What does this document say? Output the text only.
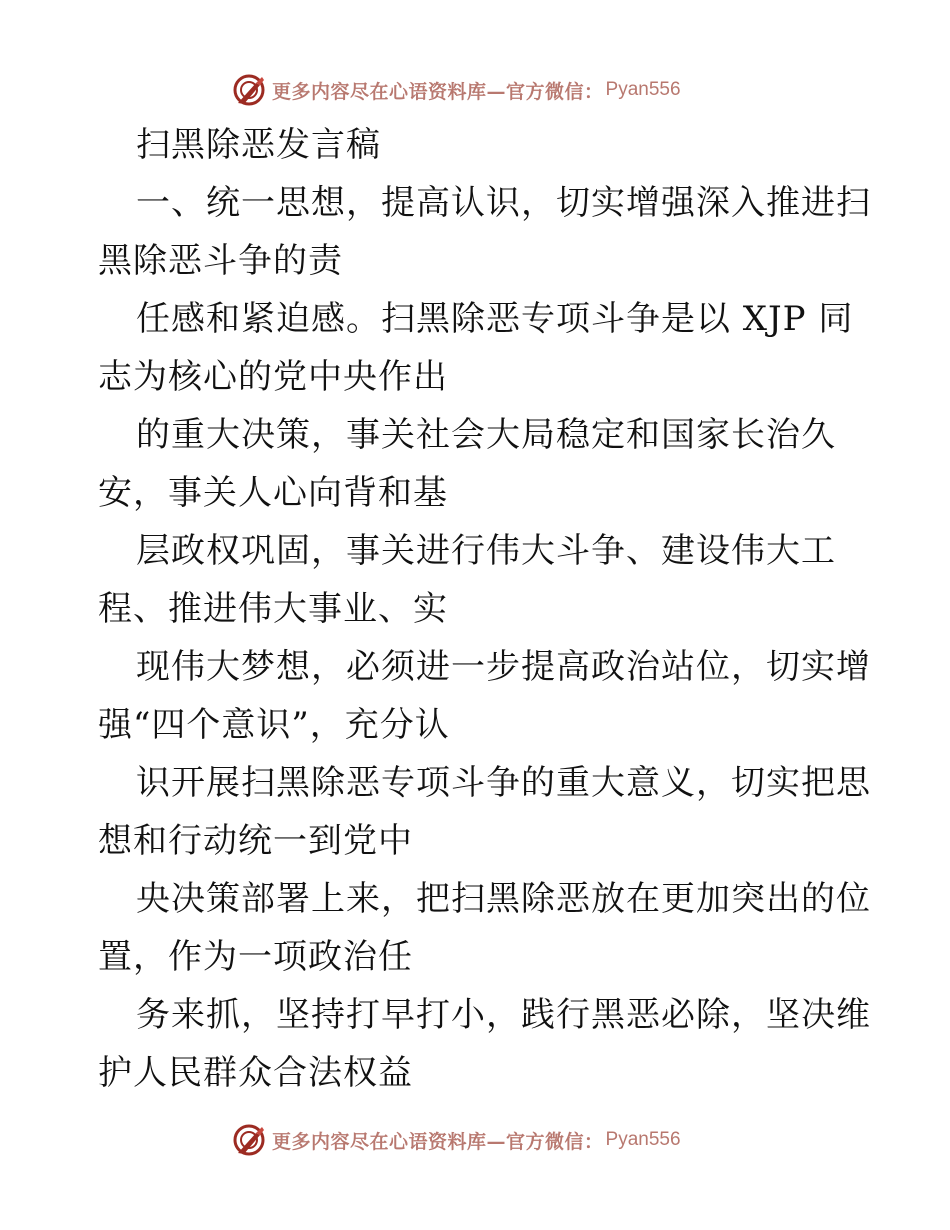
更多内容尽在心语资料库—官方微信： Pyan556
扫黑除恶发言稿
一、统一思想，提高认识，切实增强深入推进扫
黑除恶斗争的责
任感和紧迫感。扫黑除恶专项斗争是以 XJP 同
志为核心的党中央作出
的重大决策，事关社会大局稳定和国家长治久
安，事关人心向背和基
层政权巩固，事关进行伟大斗争、建设伟大工
程、推进伟大事业、实
现伟大梦想，必须进一步提高政治站位，切实增
强“四个意识”，充分认
识开展扫黑除恶专项斗争的重大意义，切实把思
想和行动统一到党中
央决策部署上来，把扫黑除恶放在更加突出的位
置，作为一项政治任
务来抓，坚持打早打小，践行黑恶必除，坚决维
护人民群众合法权益
更多内容尽在心语资料库—官方微信： Pyan556
